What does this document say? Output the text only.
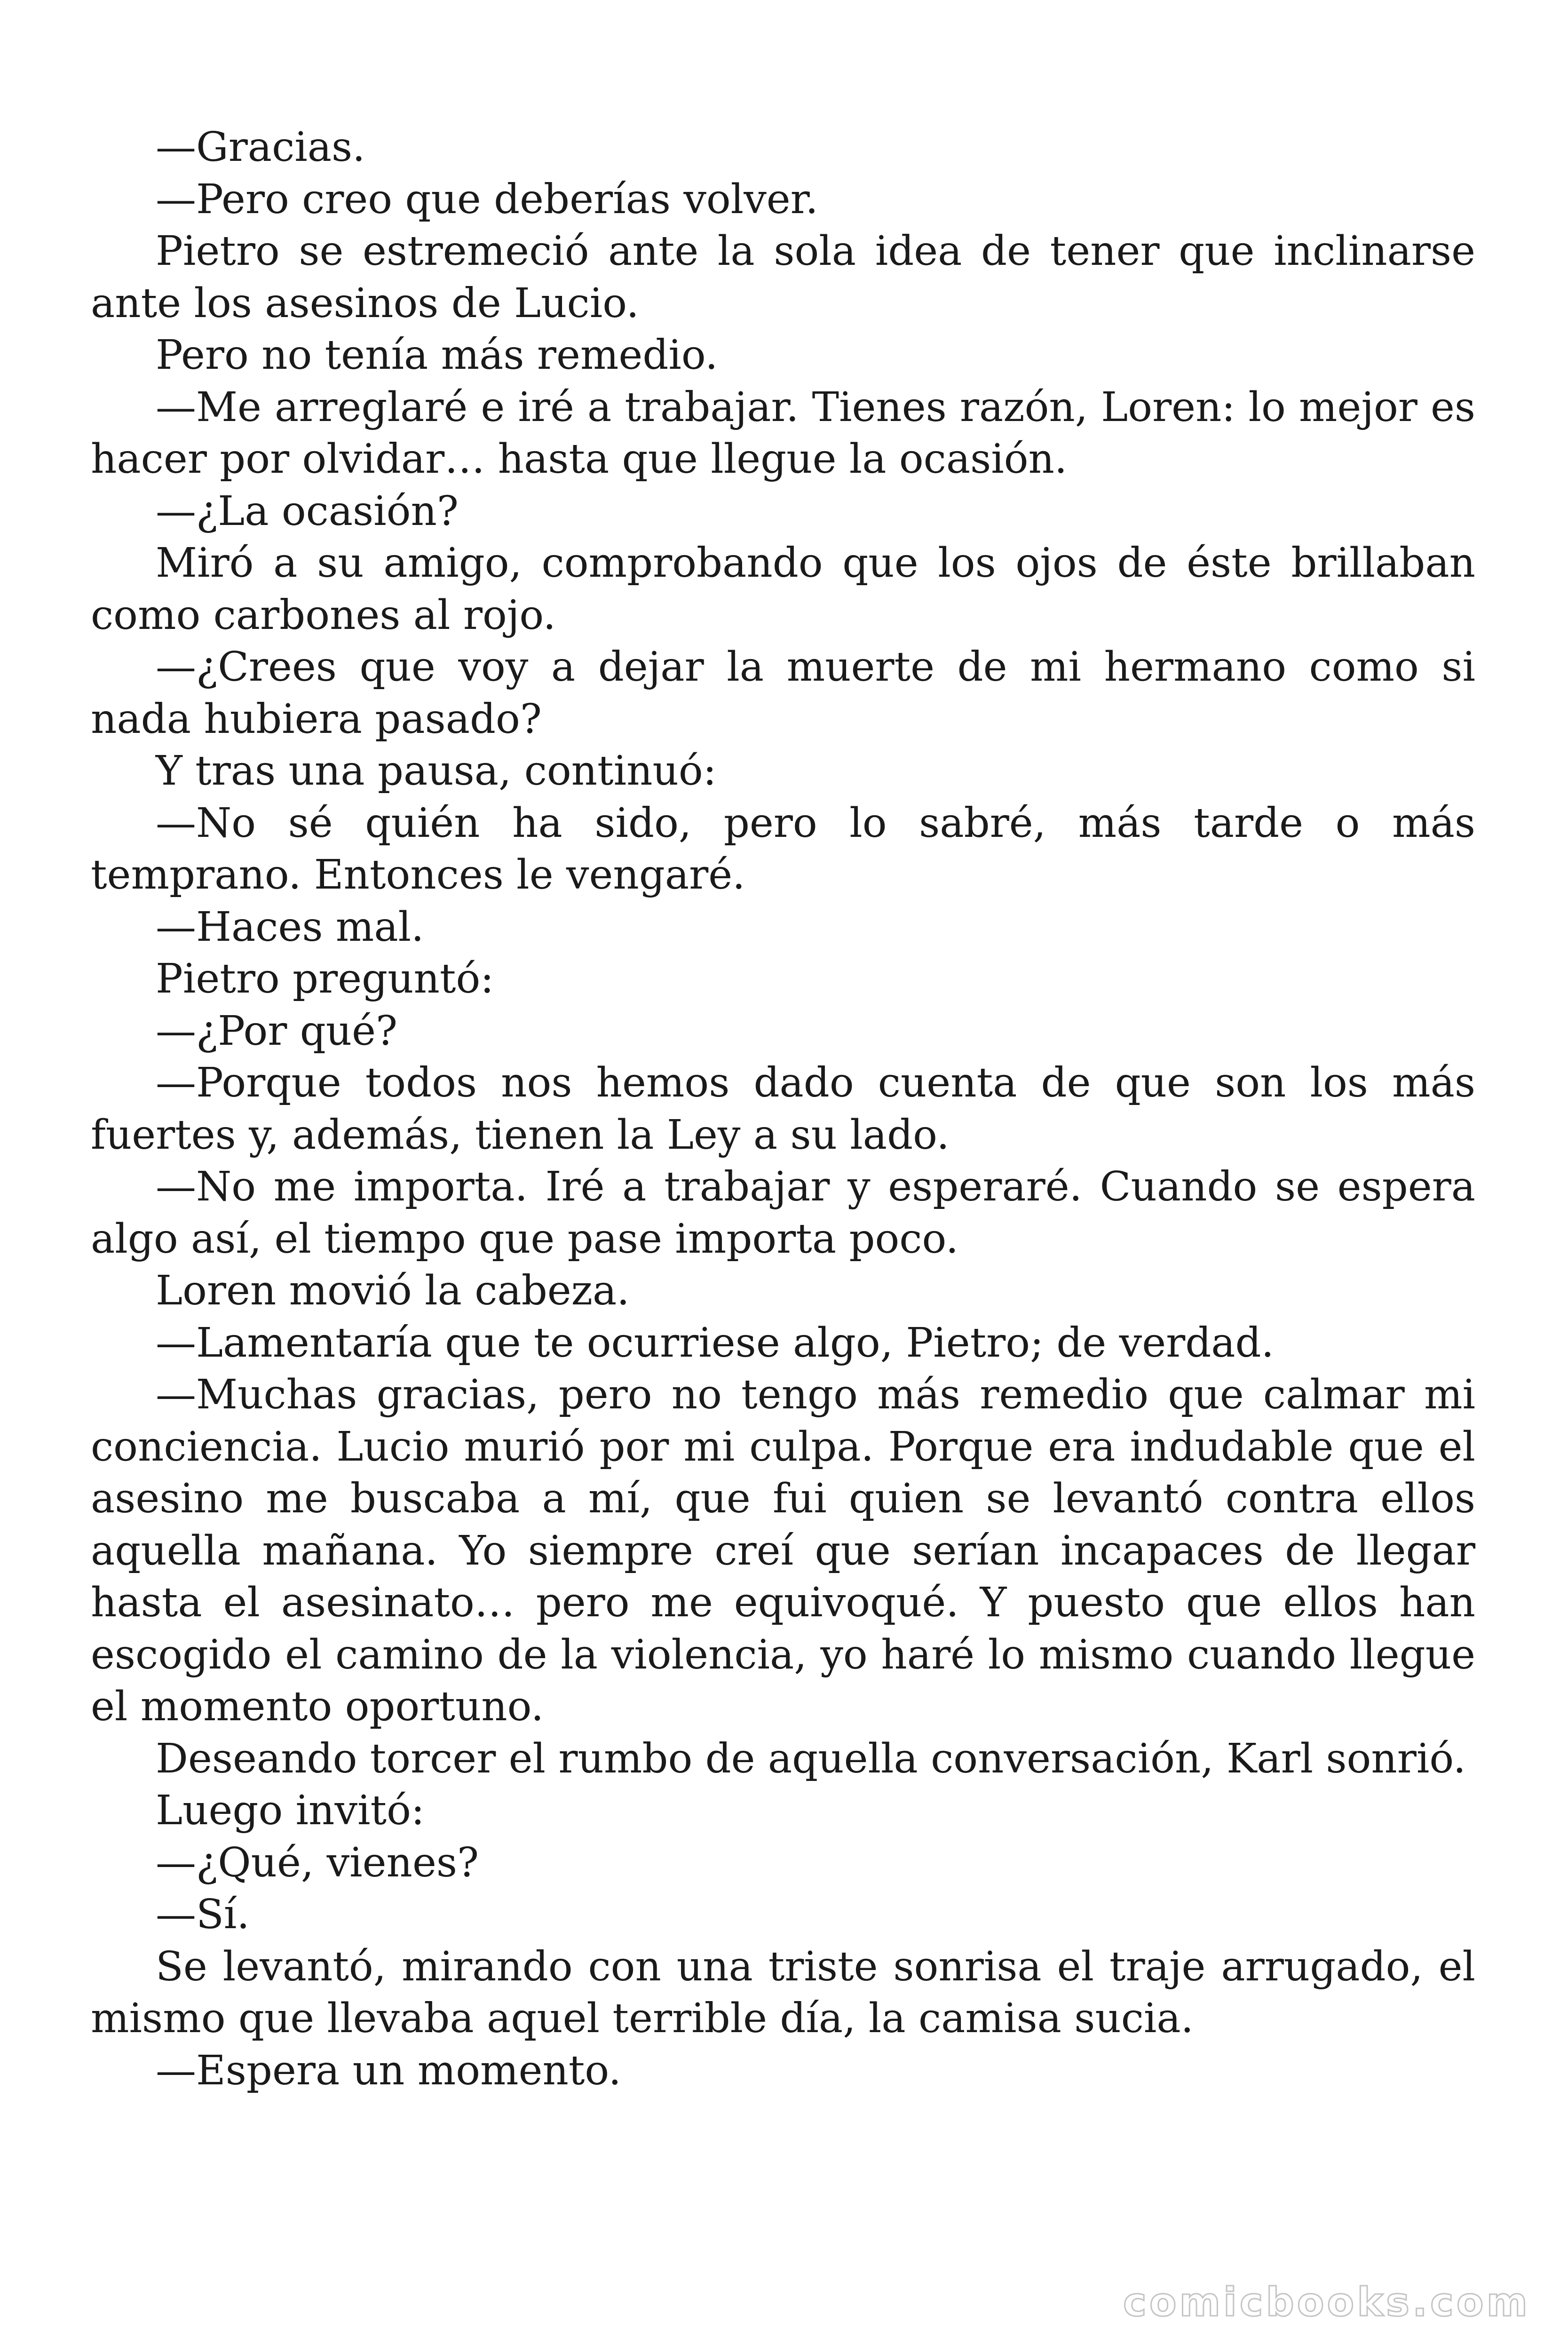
—Gracias.

—Pero creo que deberías volver.

Pietro se estremeció ante la sola idea de tener que inclinarse ante los asesinos de Lucio.

Pero no tenía más remedio.

—Me arreglaré e iré a trabajar. Tienes razón, Loren: lo mejor es hacer por olvidar… hasta que llegue la ocasión.

—¿La ocasión?

Miró a su amigo, comprobando que los ojos de éste brillaban como carbones al rojo.

—¿Crees que voy a dejar la muerte de mi hermano como si nada hubiera pasado?

Y tras una pausa, continuó:

—No sé quién ha sido, pero lo sabré, más tarde o más temprano. Entonces le vengaré.

—Haces mal.

Pietro preguntó:

—¿Por qué?

—Porque todos nos hemos dado cuenta de que son los más fuertes y, además, tienen la Ley a su lado.

—No me importa. Iré a trabajar y esperaré. Cuando se espera algo así, el tiempo que pase importa poco.

Loren movió la cabeza.

—Lamentaría que te ocurriese algo, Pietro; de verdad.

—Muchas gracias, pero no tengo más remedio que calmar mi conciencia. Lucio murió por mi culpa. Porque era indudable que el asesino me buscaba a mí, que fui quien se levantó contra ellos aquella mañana. Yo siempre creí que serían incapaces de llegar hasta el asesinato… pero me equivoqué. Y puesto que ellos han escogido el camino de la violencia, yo haré lo mismo cuando llegue el momento oportuno.

Deseando torcer el rumbo de aquella conversación, Karl sonrió.

Luego invitó:

—¿Qué, vienes?

—Sí.

Se levantó, mirando con una triste sonrisa el traje arrugado, el mismo que llevaba aquel terrible día, la camisa sucia.

—Espera un momento.

comicbooks.com
